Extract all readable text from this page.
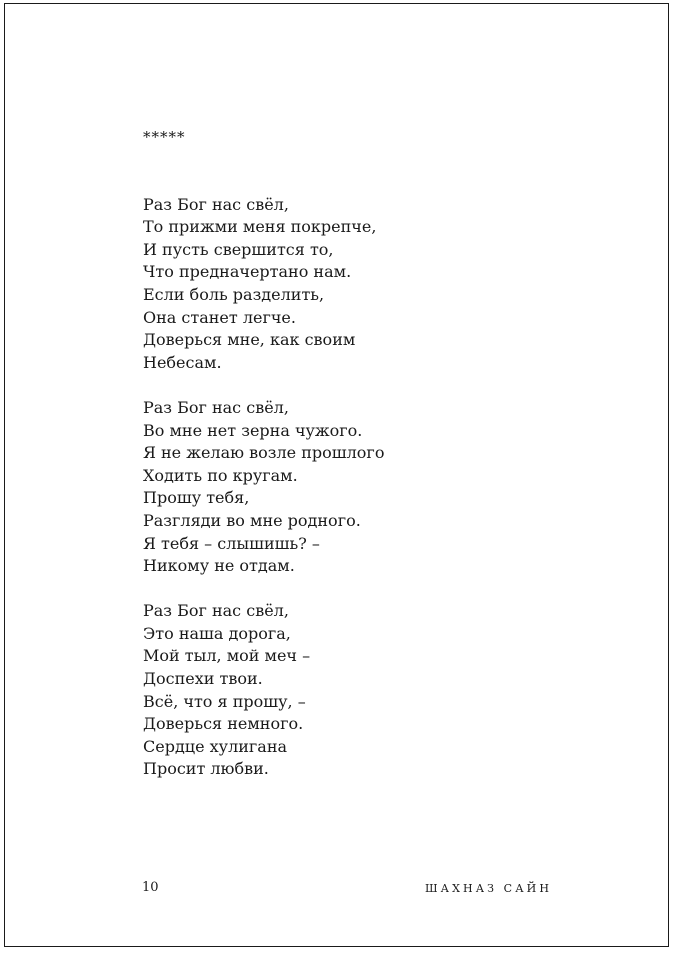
*****

Раз Бог нас свёл,
То прижми меня покрепче,
И пусть свершится то,
Что предначертано нам.
Если боль разделить,
Она станет легче.
Доверься мне, как своим
Небесам.

Раз Бог нас свёл,
Во мне нет зерна чужого.
Я не желаю возле прошлого
Ходить по кругам.
Прошу тебя,
Разгляди во мне родного.
Я тебя – слышишь? –
Никому не отдам.

Раз Бог нас свёл,
Это наша дорога,
Мой тыл, мой меч –
Доспехи твои.
Всё, что я прошу, –
Доверься немного.
Сердце хулигана
Просит любви.

10	ШАХНАЗ САЙН
